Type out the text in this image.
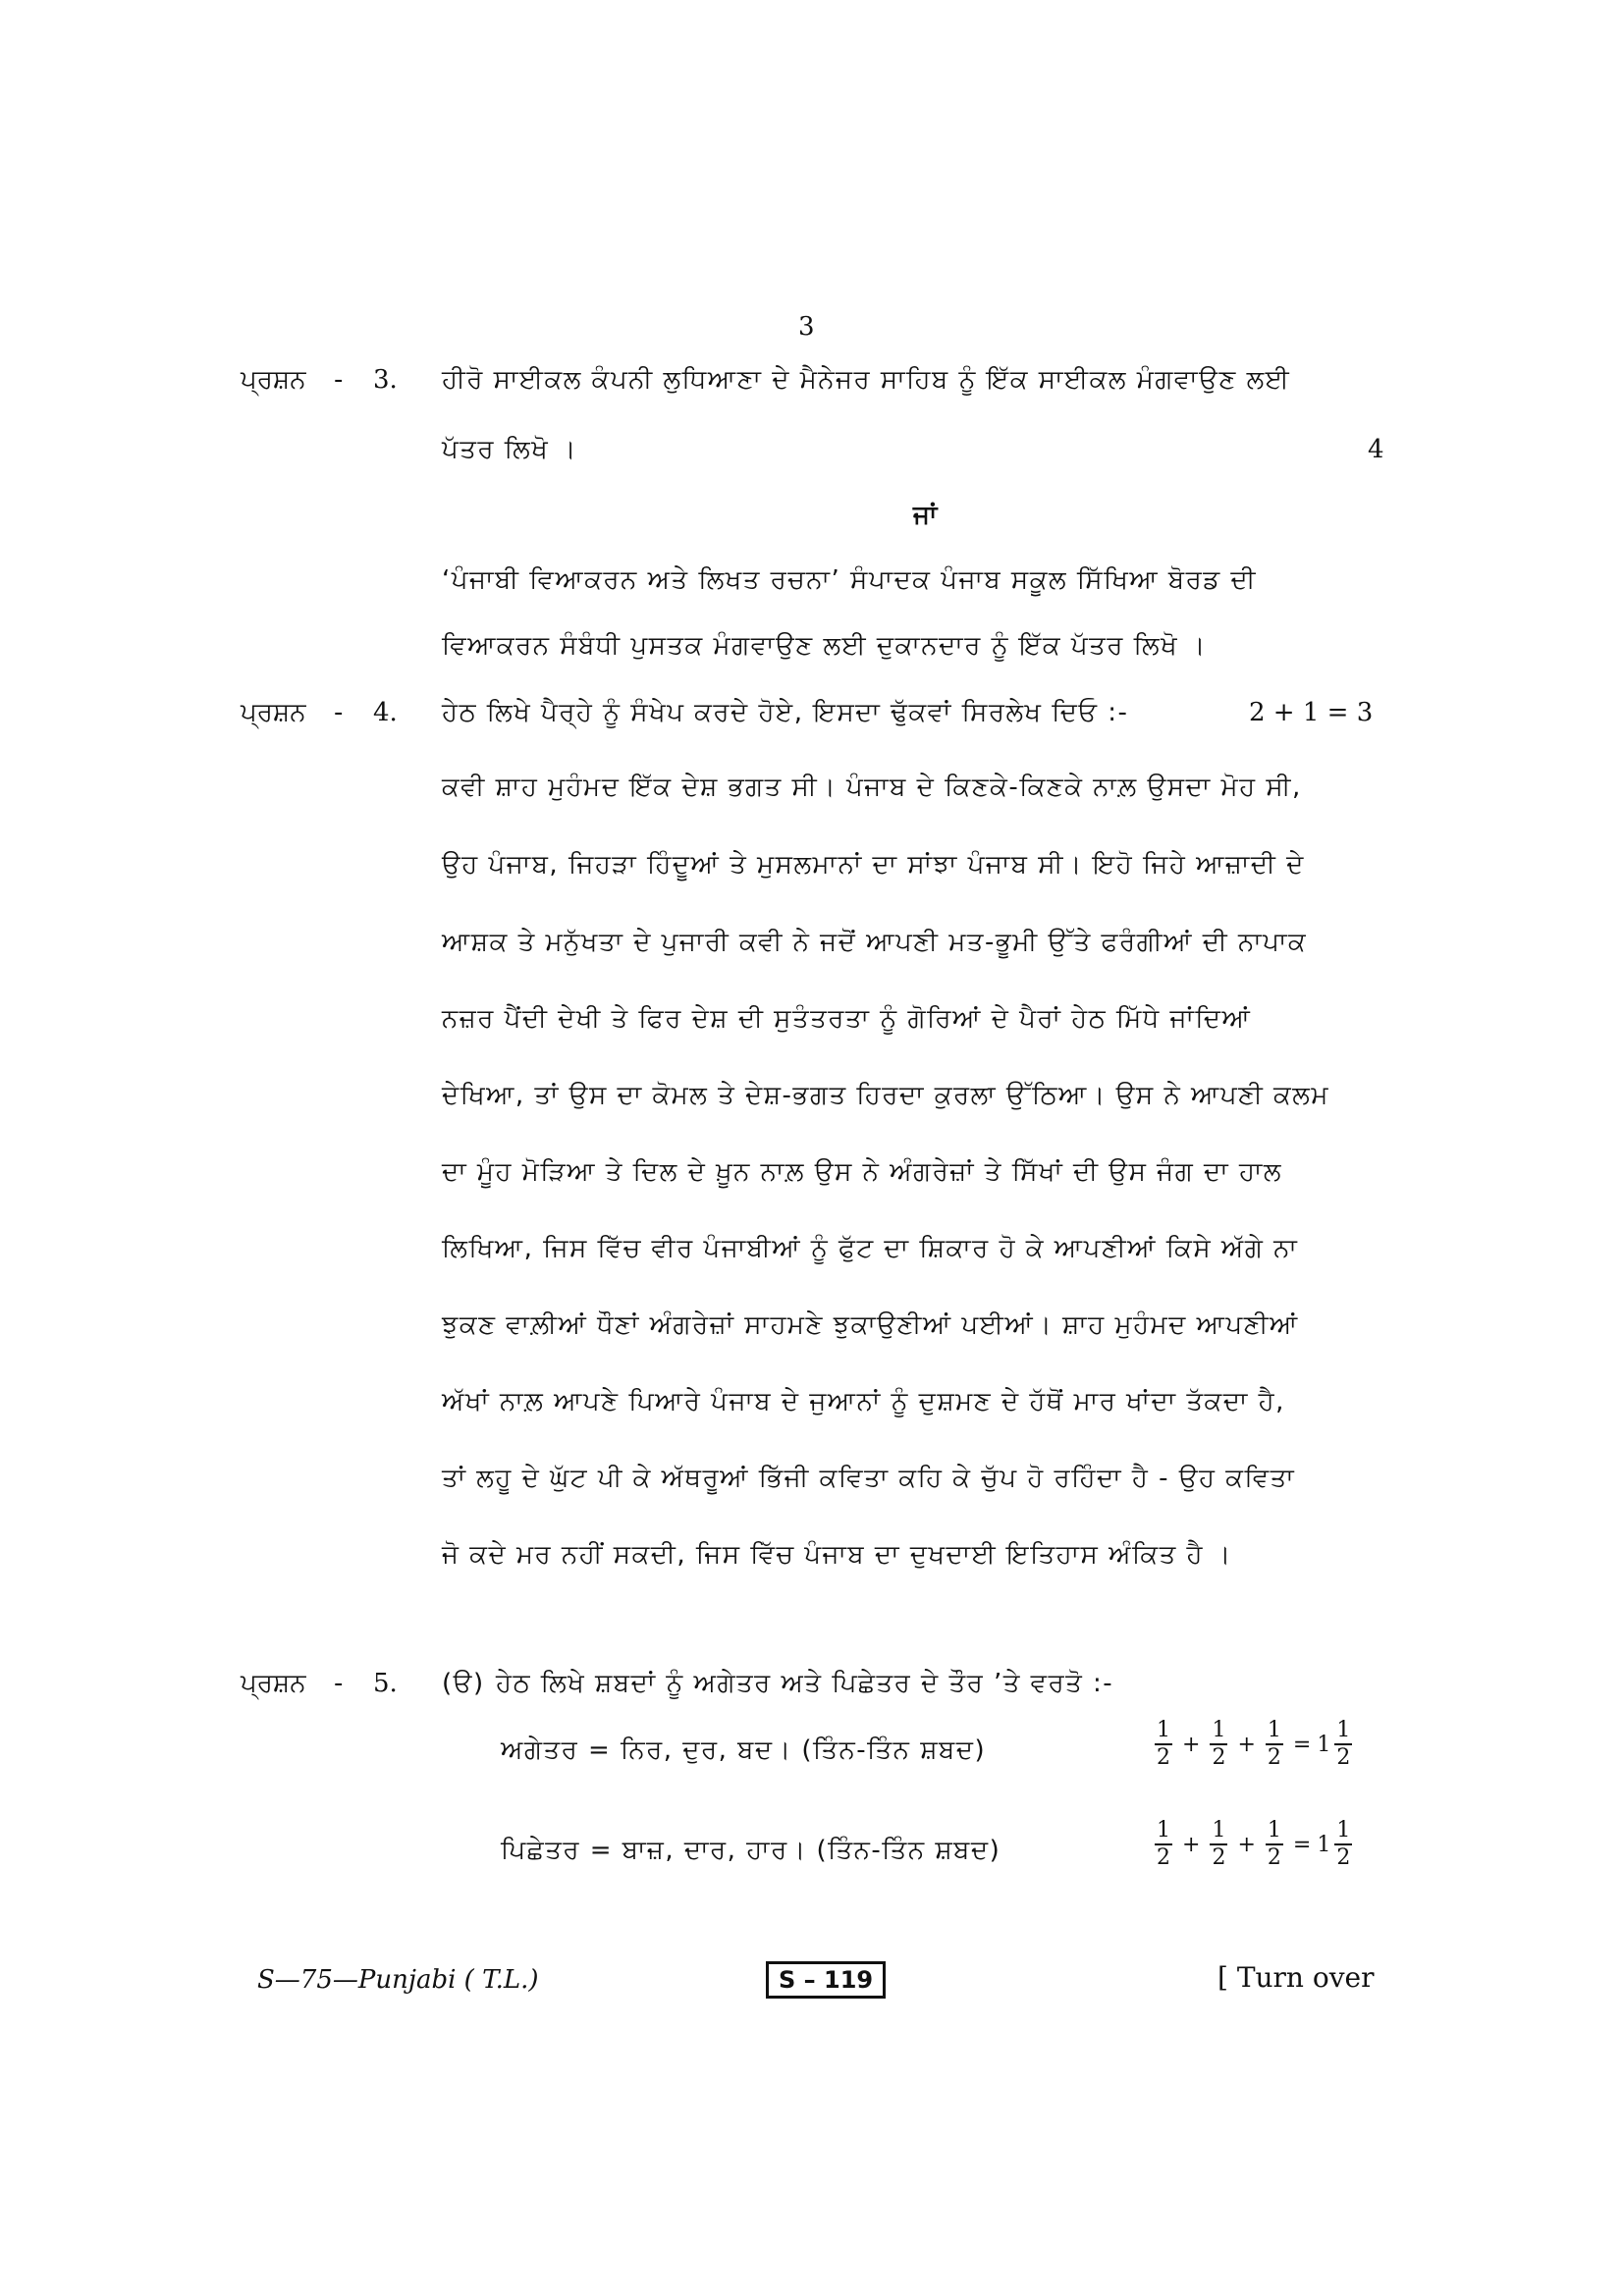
3
ਪ੍ਰਸ਼ਨ - 3. ਹੀਰੋ ਸਾਈਕਲ ਕੰਪਨੀ ਲੁਧਿਆਣਾ ਦੇ ਮੈਨੇਜਰ ਸਾਹਿਬ ਨੂੰ ਇੱਕ ਸਾਈਕਲ ਮੰਗਵਾਉਣ ਲਈ
ਪੱਤਰ ਲਿਖੋ ।	4
ਜਾਂ
‘ਪੰਜਾਬੀ ਵਿਆਕਰਨ ਅਤੇ ਲਿਖਤ ਰਚਨਾ’ ਸੰਪਾਦਕ ਪੰਜਾਬ ਸਕੂਲ ਸਿੱਖਿਆ ਬੋਰਡ ਦੀ
ਵਿਆਕਰਨ ਸੰਬੰਧੀ ਪੁਸਤਕ ਮੰਗਵਾਉਣ ਲਈ ਦੁਕਾਨਦਾਰ ਨੂੰ ਇੱਕ ਪੱਤਰ ਲਿਖੋ ।
ਪ੍ਰਸ਼ਨ - 4. ਹੇਠ ਲਿਖੇ ਪੈਰ੍ਹੇ ਨੂੰ ਸੰਖੇਪ ਕਰਦੇ ਹੋਏ, ਇਸਦਾ ਢੁੱਕਵਾਂ ਸਿਰਲੇਖ ਦਿਓ :-	2 + 1 = 3
ਕਵੀ ਸ਼ਾਹ ਮੁਹੰਮਦ ਇੱਕ ਦੇਸ਼ ਭਗਤ ਸੀ। ਪੰਜਾਬ ਦੇ ਕਿਣਕੇ-ਕਿਣਕੇ ਨਾਲ਼ ਉਸਦਾ ਮੋਹ ਸੀ,
ਉਹ ਪੰਜਾਬ, ਜਿਹੜਾ ਹਿੰਦੂਆਂ ਤੇ ਮੁਸਲਮਾਨਾਂ ਦਾ ਸਾਂਝਾ ਪੰਜਾਬ ਸੀ। ਇਹੋ ਜਿਹੇ ਆਜ਼ਾਦੀ ਦੇ
ਆਸ਼ਕ ਤੇ ਮਨੁੱਖਤਾ ਦੇ ਪੁਜਾਰੀ ਕਵੀ ਨੇ ਜਦੋਂ ਆਪਣੀ ਮਤ-ਭੂਮੀ ਉੱਤੇ ਫਰੰਗੀਆਂ ਦੀ ਨਾਪਾਕ
ਨਜ਼ਰ ਪੈਂਦੀ ਦੇਖੀ ਤੇ ਫਿਰ ਦੇਸ਼ ਦੀ ਸੁਤੰਤਰਤਾ ਨੂੰ ਗੋਰਿਆਂ ਦੇ ਪੈਰਾਂ ਹੇਠ ਮਿੱਧੇ ਜਾਂਦਿਆਂ
ਦੇਖਿਆ, ਤਾਂ ਉਸ ਦਾ ਕੋਮਲ ਤੇ ਦੇਸ਼-ਭਗਤ ਹਿਰਦਾ ਕੁਰਲਾ ਉੱਠਿਆ। ਉਸ ਨੇ ਆਪਣੀ ਕਲਮ
ਦਾ ਮੂੰਹ ਮੋੜਿਆ ਤੇ ਦਿਲ ਦੇ ਖ਼ੂਨ ਨਾਲ਼ ਉਸ ਨੇ ਅੰਗਰੇਜ਼ਾਂ ਤੇ ਸਿੱਖਾਂ ਦੀ ਉਸ ਜੰਗ ਦਾ ਹਾਲ
ਲਿਖਿਆ, ਜਿਸ ਵਿੱਚ ਵੀਰ ਪੰਜਾਬੀਆਂ ਨੂੰ ਫੁੱਟ ਦਾ ਸ਼ਿਕਾਰ ਹੋ ਕੇ ਆਪਣੀਆਂ ਕਿਸੇ ਅੱਗੇ ਨਾ
ਝੁਕਣ ਵਾਲ਼ੀਆਂ ਧੌਣਾਂ ਅੰਗਰੇਜ਼ਾਂ ਸਾਹਮਣੇ ਝੁਕਾਉਣੀਆਂ ਪਈਆਂ। ਸ਼ਾਹ ਮੁਹੰਮਦ ਆਪਣੀਆਂ
ਅੱਖਾਂ ਨਾਲ਼ ਆਪਣੇ ਪਿਆਰੇ ਪੰਜਾਬ ਦੇ ਜੁਆਨਾਂ ਨੂੰ ਦੁਸ਼ਮਣ ਦੇ ਹੱਥੋਂ ਮਾਰ ਖਾਂਦਾ ਤੱਕਦਾ ਹੈ,
ਤਾਂ ਲਹੂ ਦੇ ਘੁੱਟ ਪੀ ਕੇ ਅੱਥਰੂਆਂ ਭਿੱਜੀ ਕਵਿਤਾ ਕਹਿ ਕੇ ਚੁੱਪ ਹੋ ਰਹਿੰਦਾ ਹੈ - ਉਹ ਕਵਿਤਾ
ਜੋ ਕਦੇ ਮਰ ਨਹੀਂ ਸਕਦੀ, ਜਿਸ ਵਿੱਚ ਪੰਜਾਬ ਦਾ ਦੁਖਦਾਈ ਇਤਿਹਾਸ ਅੰਕਿਤ ਹੈ ।
ਪ੍ਰਸ਼ਨ - 5. (ੳ) ਹੇਠ ਲਿਖੇ ਸ਼ਬਦਾਂ ਨੂੰ ਅਗੇਤਰ ਅਤੇ ਪਿਛੇਤਰ ਦੇ ਤੌਰ ’ਤੇ ਵਰਤੋ :-
ਅਗੇਤਰ = ਨਿਰ, ਦੁਰ, ਬਦ। (ਤਿੰਨ-ਤਿੰਨ ਸ਼ਬਦ)	$\frac{1}{2} + \frac{1}{2} + \frac{1}{2} = 1 \frac{1}{2}$
ਪਿਛੇਤਰ = ਬਾਜ਼, ਦਾਰ, ਹਾਰ। (ਤਿੰਨ-ਤਿੰਨ ਸ਼ਬਦ)	$\frac{1}{2} + \frac{1}{2} + \frac{1}{2} = 1 \frac{1}{2}$
S—75—Punjabi ( T.L.)	S – 119	[ Turn over
